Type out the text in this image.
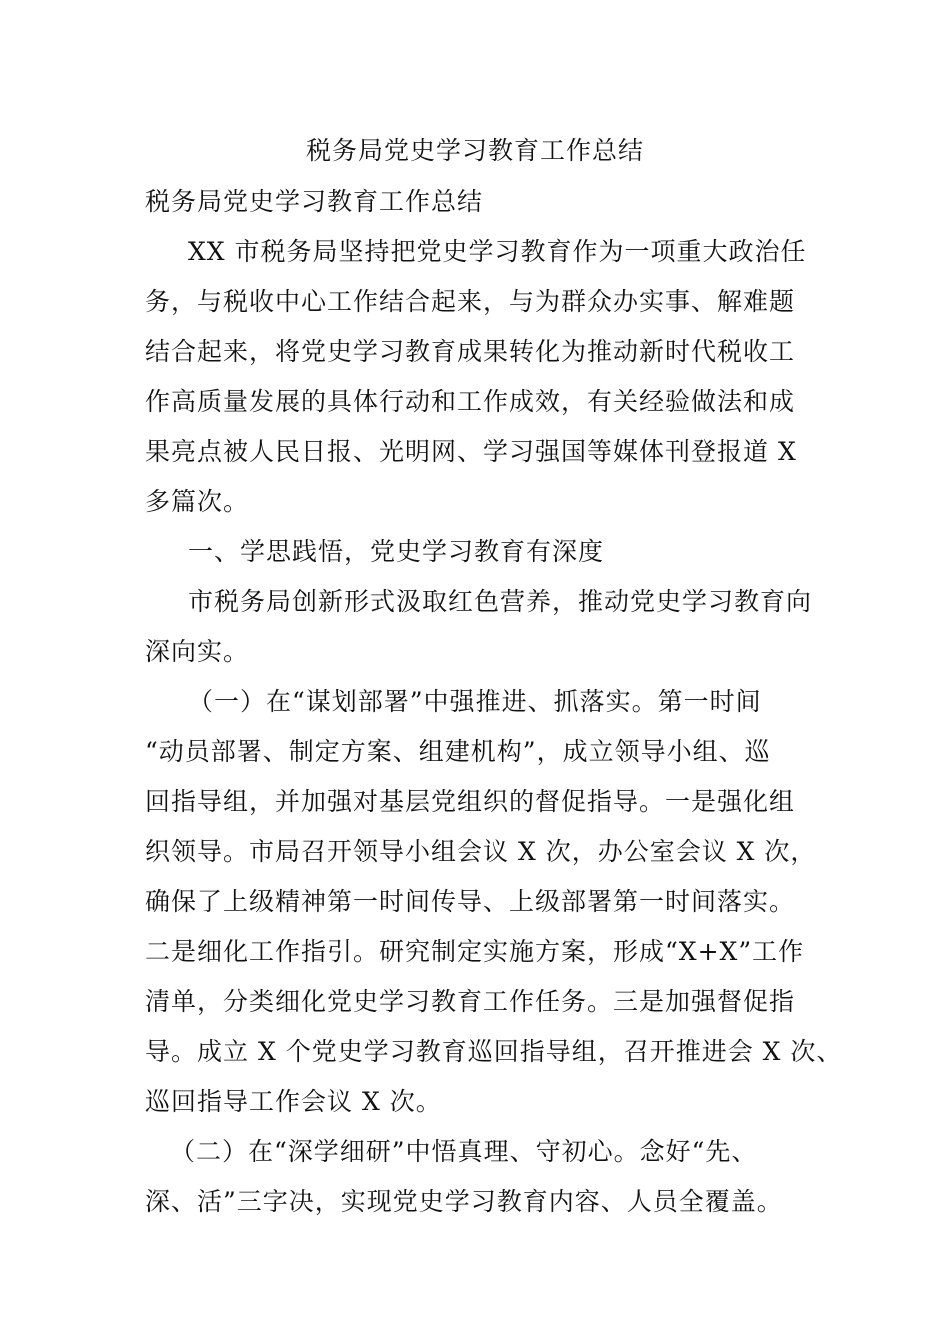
税务局党史学习教育工作总结
税务局党史学习教育工作总结
XX 市税务局坚持把党史学习教育作为一项重大政治任
务，与税收中心工作结合起来，与为群众办实事、解难题
结合起来，将党史学习教育成果转化为推动新时代税收工
作高质量发展的具体行动和工作成效，有关经验做法和成
果亮点被人民日报、光明网、学习强国等媒体刊登报道 X
多篇次。
一、学思践悟，党史学习教育有深度
市税务局创新形式汲取红色营养，推动党史学习教育向
深向实。
（一）在“谋划部署”中强推进、抓落实。第一时间
“动员部署、制定方案、组建机构”，成立领导小组、巡
回指导组，并加强对基层党组织的督促指导。一是强化组
织领导。市局召开领导小组会议 X 次，办公室会议 X 次，
确保了上级精神第一时间传导、上级部署第一时间落实。
二是细化工作指引。研究制定实施方案，形成“X+X”工作
清单，分类细化党史学习教育工作任务。三是加强督促指
导。成立 X 个党史学习教育巡回指导组，召开推进会 X 次、
巡回指导工作会议 X 次。
（二）在“深学细研”中悟真理、守初心。念好“先、
深、活”三字决，实现党史学习教育内容、人员全覆盖。
